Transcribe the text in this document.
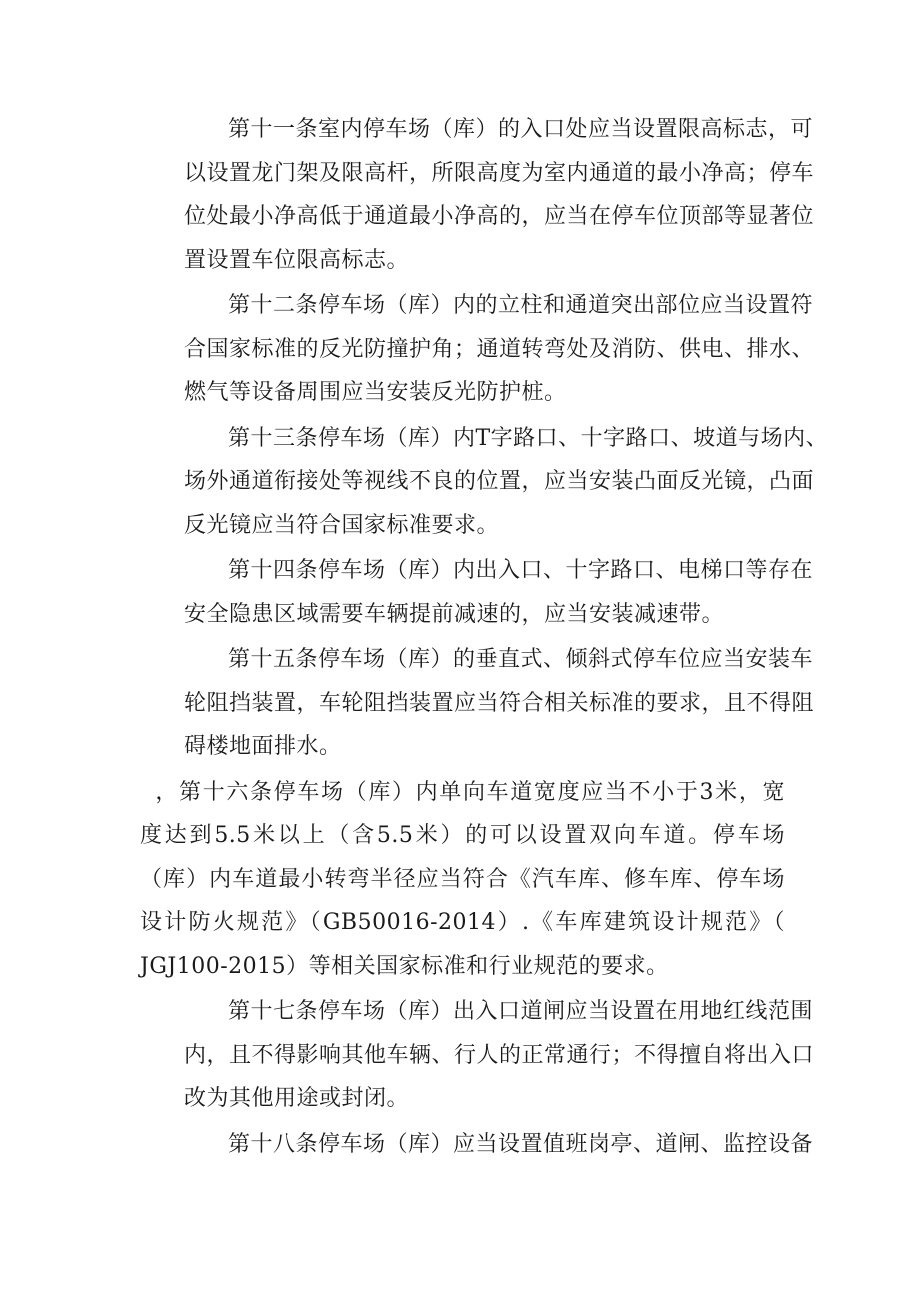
第十一条室内停车场（库）的入口处应当设置限高标志，可
以设置龙门架及限高杆，所限高度为室内通道的最小净高；停车
位处最小净高低于通道最小净高的，应当在停车位顶部等显著位
置设置车位限高标志。
第十二条停车场（库）内的立柱和通道突出部位应当设置符
合国家标准的反光防撞护角；通道转弯处及消防、供电、排水、
燃气等设备周围应当安装反光防护桩。
第十三条停车场（库）内T字路口、十字路口、坡道与场内、
场外通道衔接处等视线不良的位置，应当安装凸面反光镜，凸面
反光镜应当符合国家标准要求。
第十四条停车场（库）内出入口、十字路口、电梯口等存在
安全隐患区域需要车辆提前减速的，应当安装减速带。
第十五条停车场（库）的垂直式、倾斜式停车位应当安装车
轮阻挡装置，车轮阻挡装置应当符合相关标准的要求，且不得阻
碍楼地面排水。
，第十六条停车场（库）内单向车道宽度应当不小于3米，宽
度达到5.5米以上（含5.5米）的可以设置双向车道。停车场
（库）内车道最小转弯半径应当符合《汽车库、修车库、停车场
设计防火规范》（GB50016-2014）.《车库建筑设计规范》（
JGJ100-2015）等相关国家标准和行业规范的要求。
第十七条停车场（库）出入口道闸应当设置在用地红线范围
内，且不得影响其他车辆、行人的正常通行；不得擅自将出入口
改为其他用途或封闭。
第十八条停车场（库）应当设置值班岗亭、道闸、监控设备
